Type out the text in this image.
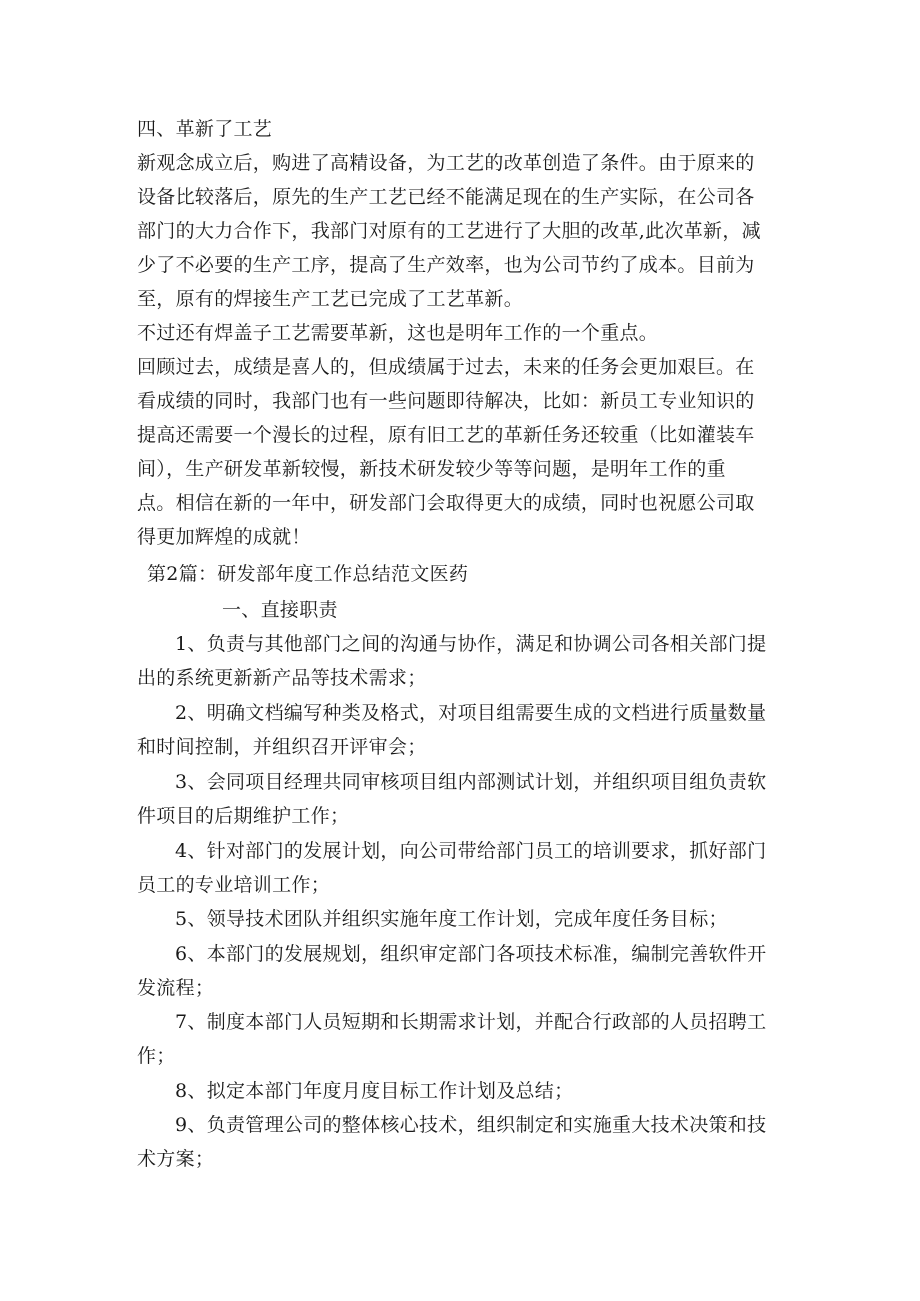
四、革新了工艺
新观念成立后，购进了高精设备，为工艺的改革创造了条件。由于原来的
设备比较落后，原先的生产工艺已经不能满足现在的生产实际，在公司各
部门的大力合作下，我部门对原有的工艺进行了大胆的改革,此次革新，减
少了不必要的生产工序，提高了生产效率，也为公司节约了成本。目前为
至，原有的焊接生产工艺已完成了工艺革新。
不过还有焊盖子工艺需要革新，这也是明年工作的一个重点。
回顾过去，成绩是喜人的，但成绩属于过去，未来的任务会更加艰巨。在
看成绩的同时，我部门也有一些问题即待解决，比如：新员工专业知识的
提高还需要一个漫长的过程，原有旧工艺的革新任务还较重（比如灌装车
间），生产研发革新较慢，新技术研发较少等等问题，是明年工作的重
点。相信在新的一年中，研发部门会取得更大的成绩，同时也祝愿公司取
得更加辉煌的成就！
第2篇：研发部年度工作总结范文医药
一、直接职责
1、负责与其他部门之间的沟通与协作，满足和协调公司各相关部门提
出的系统更新新产品等技术需求；
2、明确文档编写种类及格式，对项目组需要生成的文档进行质量数量
和时间控制，并组织召开评审会；
3、会同项目经理共同审核项目组内部测试计划，并组织项目组负责软
件项目的后期维护工作；
4、针对部门的发展计划，向公司带给部门员工的培训要求，抓好部门
员工的专业培训工作；
5、领导技术团队并组织实施年度工作计划，完成年度任务目标；
6、本部门的发展规划，组织审定部门各项技术标准，编制完善软件开
发流程；
7、制度本部门人员短期和长期需求计划，并配合行政部的人员招聘工
作；
8、拟定本部门年度月度目标工作计划及总结；
9、负责管理公司的整体核心技术，组织制定和实施重大技术决策和技
术方案；
